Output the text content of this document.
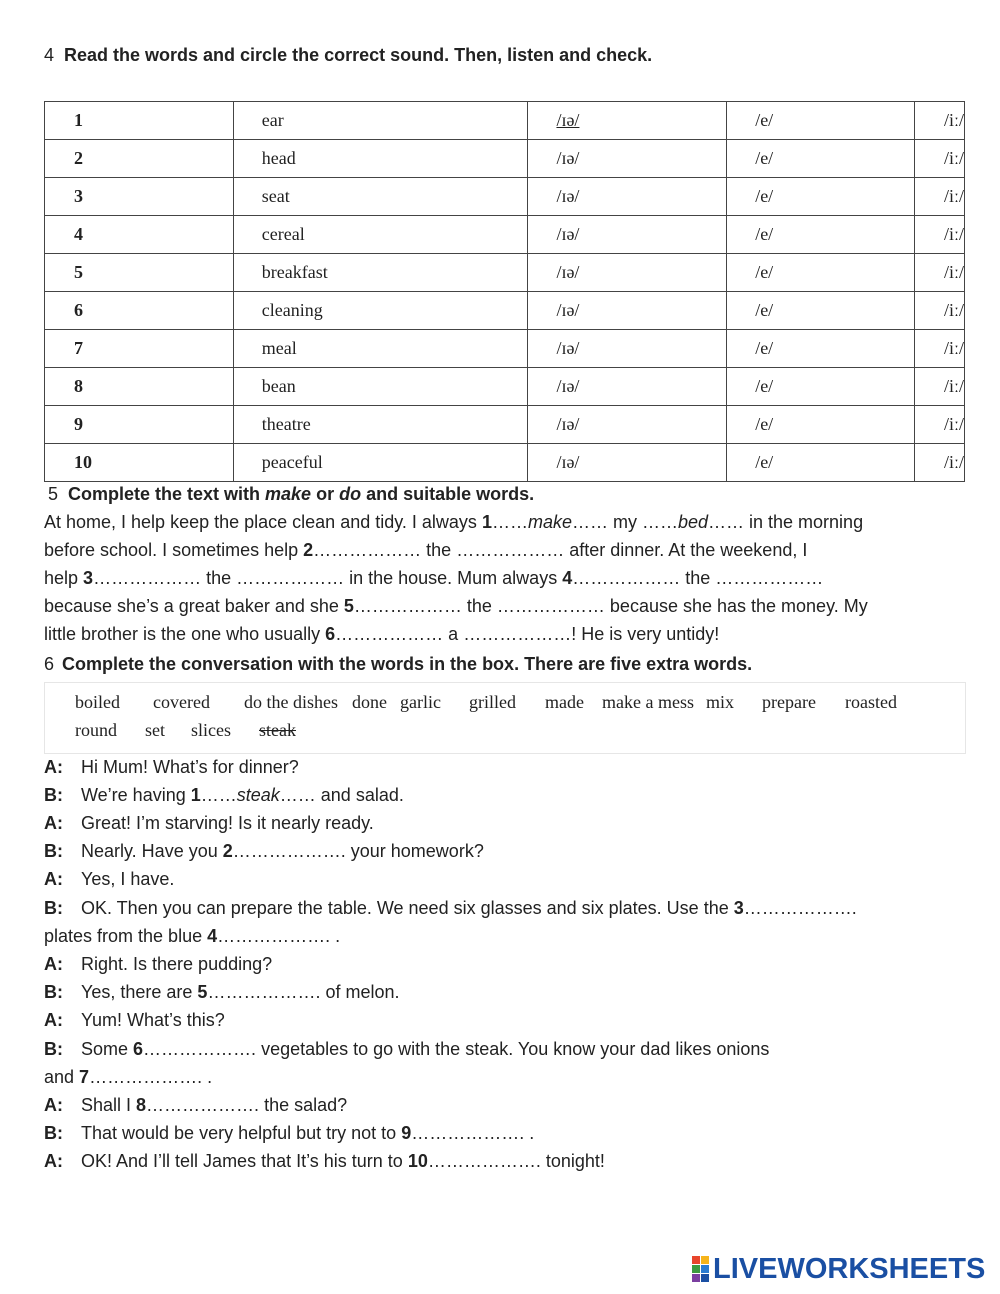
4 Read the words and circle the correct sound. Then, listen and check.
1	ear	/ɪə/	/e/	/iː/
2	head	/ɪə/	/e/	/iː/
3	seat	/ɪə/	/e/	/iː/
4	cereal	/ɪə/	/e/	/iː/
5	breakfast	/ɪə/	/e/	/iː/
6	cleaning	/ɪə/	/e/	/iː/
7	meal	/ɪə/	/e/	/iː/
8	bean	/ɪə/	/e/	/iː/
9	theatre	/ɪə/	/e/	/iː/
10	peaceful	/ɪə/	/e/	/iː/
5 Complete the text with make or do and suitable words.
At home, I help keep the place clean and tidy. I always 1……make…… my ……bed…… in the morning
before school. I sometimes help 2……………… the ……………… after dinner. At the weekend, I
help 3……………… the ……………… in the house. Mum always 4……………… the ………………
because she’s a great baker and she 5……………… the ……………… because she has the money. My
little brother is the one who usually 6……………… a ………………! He is very untidy!
6 Complete the conversation with the words in the box. There are five extra words.
boiled covered do the dishes done garlic grilled made make a mess mix prepare roasted
round set slices steak
A: Hi Mum! What’s for dinner?
B: We’re having 1……steak…… and salad.
A: Great! I’m starving! Is it nearly ready.
B: Nearly. Have you 2………………. your homework?
A: Yes, I have.
B: OK. Then you can prepare the table. We need six glasses and six plates. Use the 3……………….
plates from the blue 4………………. .
A: Right. Is there pudding?
B: Yes, there are 5………………. of melon.
A: Yum! What’s this?
B: Some 6………………. vegetables to go with the steak. You know your dad likes onions
and 7………………. .
A: Shall I 8………………. the salad?
B: That would be very helpful but try not to 9………………. .
A: OK! And I’ll tell James that It’s his turn to 10………………. tonight!
LIVEWORKSHEETS
